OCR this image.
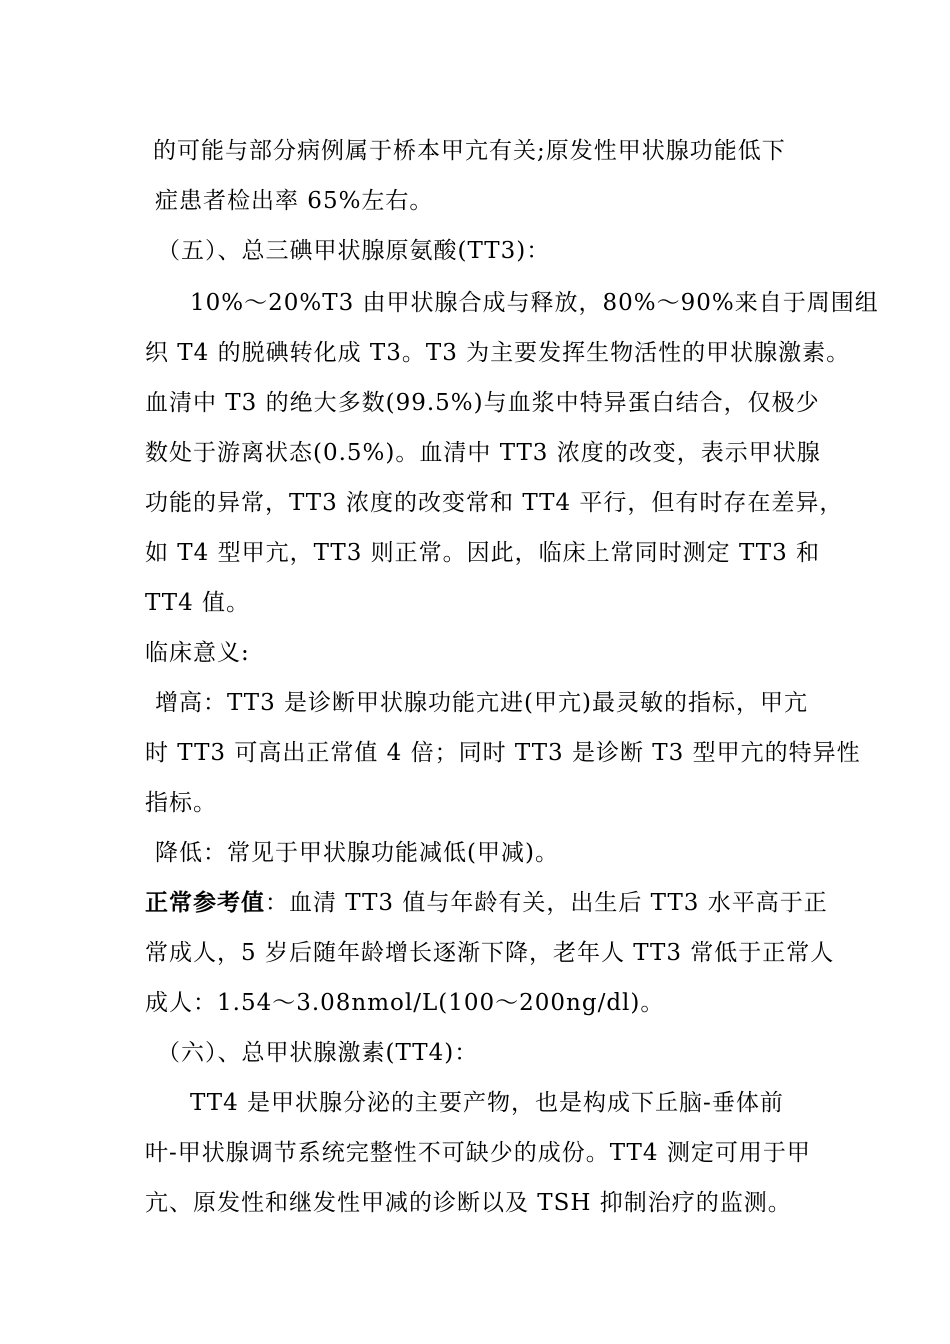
的可能与部分病例属于桥本甲亢有关;原发性甲状腺功能低下
症患者检出率 65%左右。
（五）、总三碘甲状腺原氨酸(TT3)：
10%～20%T3 由甲状腺合成与释放，80%～90%来自于周围组
织 T4 的脱碘转化成 T3。T3 为主要发挥生物活性的甲状腺激素。
血清中 T3 的绝大多数(99.5%)与血浆中特异蛋白结合，仅极少
数处于游离状态(0.5%)。血清中 TT3 浓度的改变，表示甲状腺
功能的异常，TT3 浓度的改变常和 TT4 平行，但有时存在差异，
如 T4 型甲亢，TT3 则正常。因此，临床上常同时测定 TT3 和
TT4 值。
临床意义:
增高：TT3 是诊断甲状腺功能亢进(甲亢)最灵敏的指标，甲亢
时 TT3 可高出正常值 4 倍；同时 TT3 是诊断 T3 型甲亢的特异性
指标。
降低：常见于甲状腺功能减低(甲减)。
正常参考值：血清 TT3 值与年龄有关，出生后 TT3 水平高于正
常成人，5 岁后随年龄增长逐渐下降，老年人 TT3 常低于正常人
成人：1.54～3.08nmol/L(100～200ng/dl)。
（六）、总甲状腺激素(TT4)：
TT4 是甲状腺分泌的主要产物，也是构成下丘脑-垂体前
叶-甲状腺调节系统完整性不可缺少的成份。TT4 测定可用于甲
亢、原发性和继发性甲减的诊断以及 TSH 抑制治疗的监测。
